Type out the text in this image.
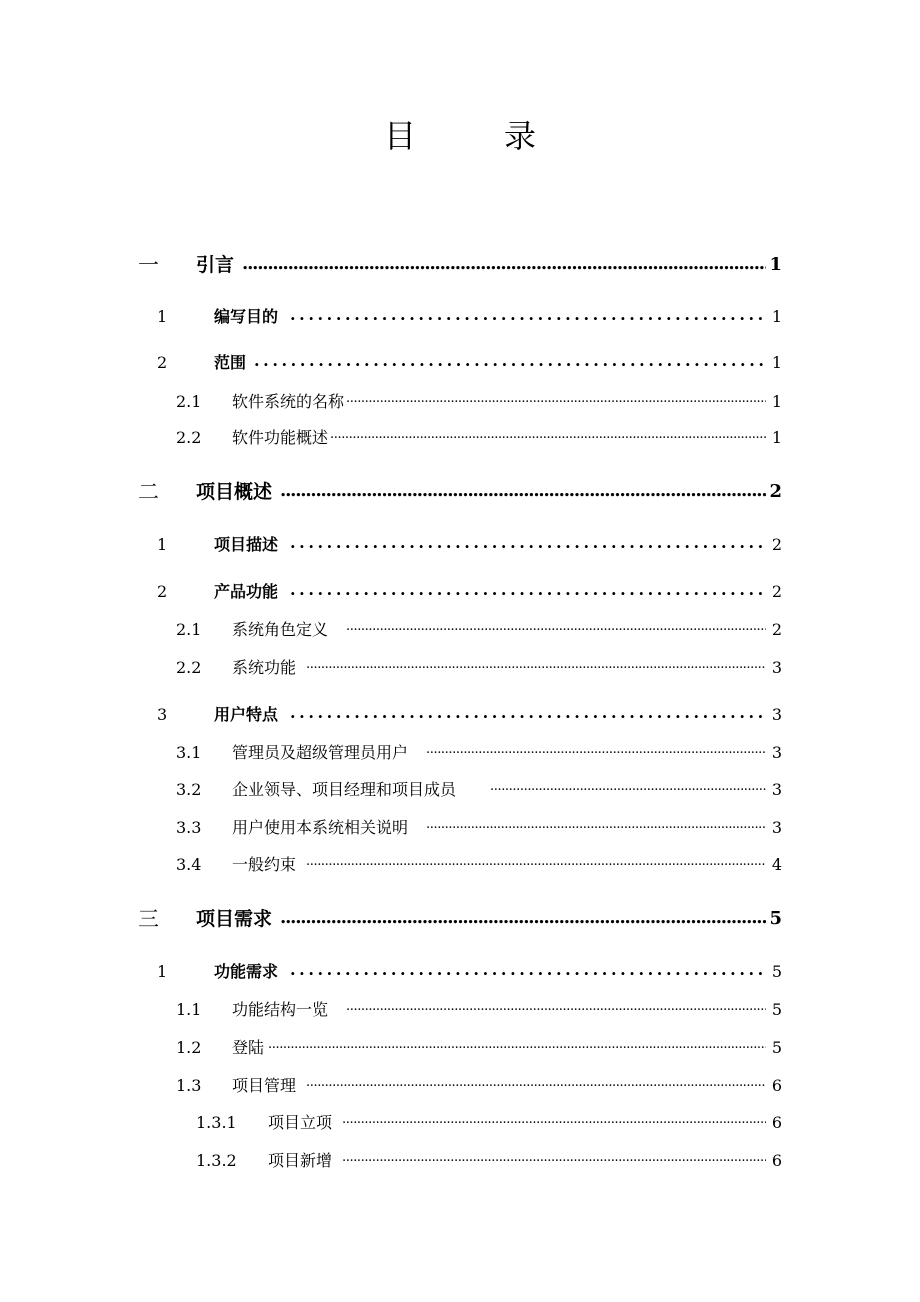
目　录
一 引言 .....	1
1	编写目的 .....	1
2	范围 .....	1
2.1 软件系统的名称 .....	1
2.2 软件功能概述 .....	1
二 项目概述 .....	2
1	项目描述 .....	2
2	产品功能 .....	2
2.1 系统角色定义 .....	2
2.2 系统功能 .....	3
3	用户特点 .....	3
3.1 管理员及超级管理员用户 .....	3
3.2 企业领导、项目经理和项目成员 .....	3
3.3 用户使用本系统相关说明 .....	3
3.4 一般约束 .....	4
三 项目需求 .....	5
1	功能需求 .....	5
1.1 功能结构一览 .....	5
1.2 登陆 .....	5
1.3 项目管理 .....	6
1.3.1 项目立项 .....	6
1.3.2 项目新增 .....	6
